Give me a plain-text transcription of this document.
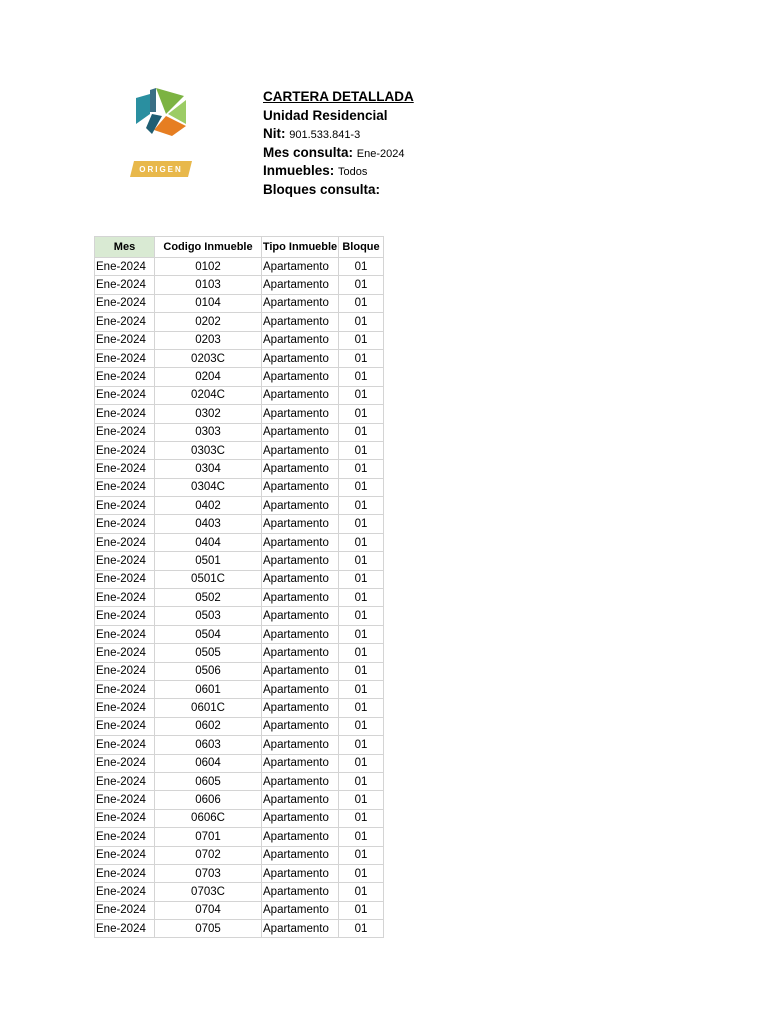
ORIGEN
CARTERA DETALLADA
Unidad Residencial
Nit: 901.533.841-3
Mes consulta: Ene-2024
Inmuebles: Todos
Bloques consulta:
Mes	Codigo Inmueble	Tipo Inmueble	Bloque
Ene-2024	0102	Apartamento	01
Ene-2024	0103	Apartamento	01
Ene-2024	0104	Apartamento	01
Ene-2024	0202	Apartamento	01
Ene-2024	0203	Apartamento	01
Ene-2024	0203C	Apartamento	01
Ene-2024	0204	Apartamento	01
Ene-2024	0204C	Apartamento	01
Ene-2024	0302	Apartamento	01
Ene-2024	0303	Apartamento	01
Ene-2024	0303C	Apartamento	01
Ene-2024	0304	Apartamento	01
Ene-2024	0304C	Apartamento	01
Ene-2024	0402	Apartamento	01
Ene-2024	0403	Apartamento	01
Ene-2024	0404	Apartamento	01
Ene-2024	0501	Apartamento	01
Ene-2024	0501C	Apartamento	01
Ene-2024	0502	Apartamento	01
Ene-2024	0503	Apartamento	01
Ene-2024	0504	Apartamento	01
Ene-2024	0505	Apartamento	01
Ene-2024	0506	Apartamento	01
Ene-2024	0601	Apartamento	01
Ene-2024	0601C	Apartamento	01
Ene-2024	0602	Apartamento	01
Ene-2024	0603	Apartamento	01
Ene-2024	0604	Apartamento	01
Ene-2024	0605	Apartamento	01
Ene-2024	0606	Apartamento	01
Ene-2024	0606C	Apartamento	01
Ene-2024	0701	Apartamento	01
Ene-2024	0702	Apartamento	01
Ene-2024	0703	Apartamento	01
Ene-2024	0703C	Apartamento	01
Ene-2024	0704	Apartamento	01
Ene-2024	0705	Apartamento	01
